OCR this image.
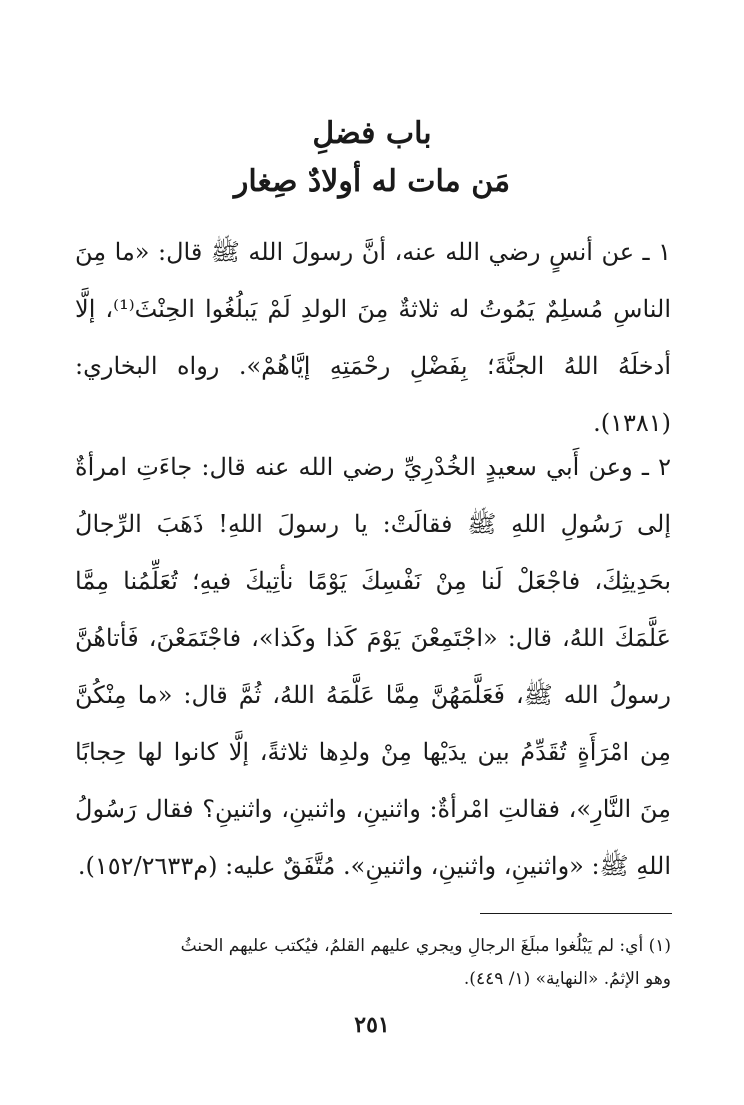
باب فضلِ
مَن مات له أولادٌ صِغار

١ ـ عن أنسٍ رضي الله عنه، أنَّ رسولَ الله ﷺ قال: «ما مِنَ الناسِ مُسلِمٌ يَمُوتُ له ثلاثةٌ مِنَ الولدِ لَمْ يَبلُغُوا الحِنْثَ⁽¹⁾، إلَّا أدخلَهُ اللهُ الجنَّةَ؛ بِفَضْلِ رحْمَتِهِ إيَّاهُمْ». رواه البخاري: (١٣٨١).

٢ ـ وعن أَبي سعيدٍ الخُدْرِيِّ رضي الله عنه قال: جاءَتِ امرأةٌ إلى رَسُولِ اللهِ ﷺ فقالَتْ: يا رسولَ اللهِ! ذَهَبَ الرِّجالُ بحَدِيثِكَ، فاجْعَلْ لَنا مِنْ نَفْسِكَ يَوْمًا نأتِيكَ فيهِ؛ تُعَلِّمُنا مِمَّا عَلَّمَكَ اللهُ، قال: «اجْتَمِعْنَ يَوْمَ كَذا وكَذا»، فاجْتَمَعْنَ، فَأتاهُنَّ رسولُ الله ﷺ، فَعَلَّمَهُنَّ مِمَّا عَلَّمَهُ اللهُ، ثُمَّ قال: «ما مِنْكُنَّ مِن امْرَأَةٍ تُقَدِّمُ بين يدَيْها مِنْ ولدِها ثلاثةً، إلَّا كانوا لها حِجابًا مِنَ النَّارِ»، فقالتِ امْرأةٌ: واثنينِ، واثنينِ، واثنينِ؟ فقال رَسُولُ اللهِ ﷺ: «واثنينِ، واثنينِ، واثنينِ». مُتَّفَقٌ عليه: (م١٥٢/٢٦٣٣).

(١) أي: لم يَبْلُغوا مبلَغَ الرجالِ ويجري عليهم القلمُ، فيُكتب عليهم الحنثُ

وهو الإثمُ. «النهاية» (١/ ٤٤٩).

٢٥١
